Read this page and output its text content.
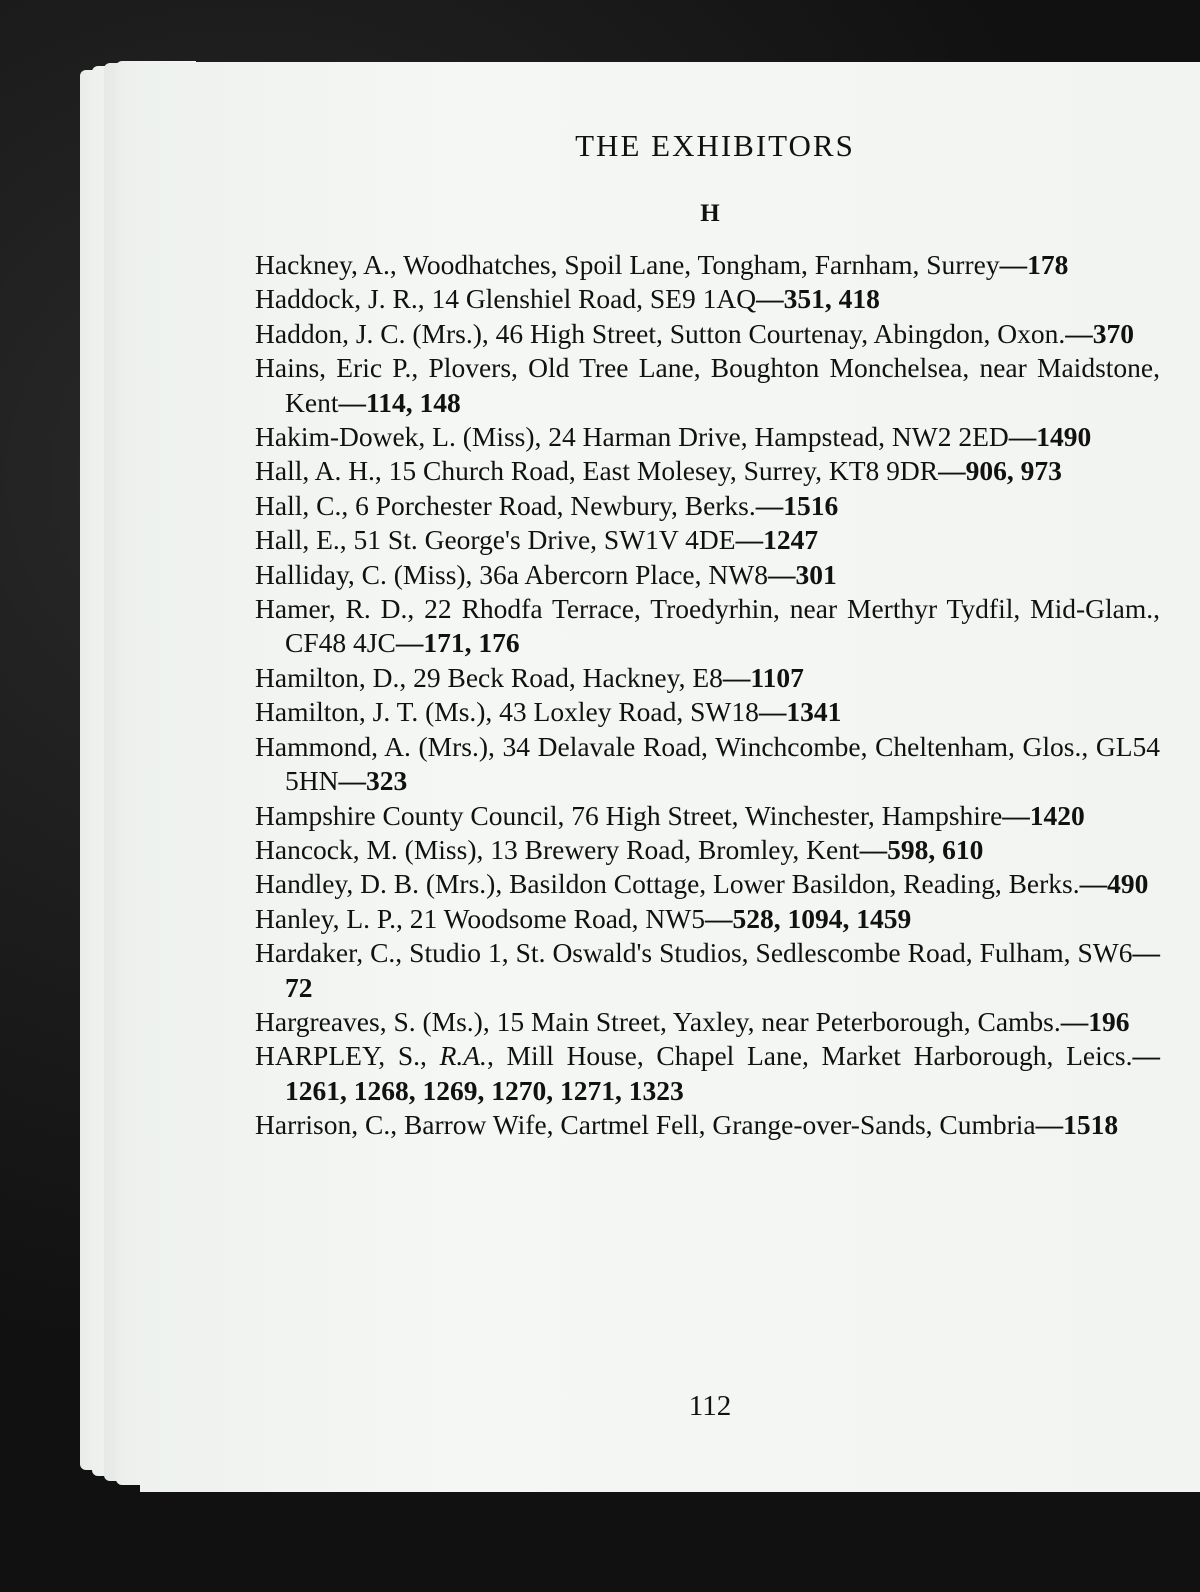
THE EXHIBITORS
H
Hackney, A., Woodhatches, Spoil Lane, Tongham, Farnham, Surrey—178
Haddock, J. R., 14 Glenshiel Road, SE9 1AQ—351, 418
Haddon, J. C. (Mrs.), 46 High Street, Sutton Courtenay, Abingdon, Oxon.—370
Hains, Eric P., Plovers, Old Tree Lane, Boughton Monchelsea, near Maidstone, Kent—114, 148
Hakim-Dowek, L. (Miss), 24 Harman Drive, Hampstead, NW2 2ED—1490
Hall, A. H., 15 Church Road, East Molesey, Surrey, KT8 9DR—906, 973
Hall, C., 6 Porchester Road, Newbury, Berks.—1516
Hall, E., 51 St. George's Drive, SW1V 4DE—1247
Halliday, C. (Miss), 36a Abercorn Place, NW8—301
Hamer, R. D., 22 Rhodfa Terrace, Troedyrhin, near Merthyr Tydfil, Mid-Glam., CF48 4JC—171, 176
Hamilton, D., 29 Beck Road, Hackney, E8—1107
Hamilton, J. T. (Ms.), 43 Loxley Road, SW18—1341
Hammond, A. (Mrs.), 34 Delavale Road, Winchcombe, Cheltenham, Glos., GL54 5HN—323
Hampshire County Council, 76 High Street, Winchester, Hampshire—1420
Hancock, M. (Miss), 13 Brewery Road, Bromley, Kent—598, 610
Handley, D. B. (Mrs.), Basildon Cottage, Lower Basildon, Reading, Berks.—490
Hanley, L. P., 21 Woodsome Road, NW5—528, 1094, 1459
Hardaker, C., Studio 1, St. Oswald's Studios, Sedlescombe Road, Fulham, SW6—72
Hargreaves, S. (Ms.), 15 Main Street, Yaxley, near Peterborough, Cambs.—196
HARPLEY, S., R.A., Mill House, Chapel Lane, Market Harborough, Leics.—1261, 1268, 1269, 1270, 1271, 1323
Harrison, C., Barrow Wife, Cartmel Fell, Grange-over-Sands, Cumbria—1518
112
